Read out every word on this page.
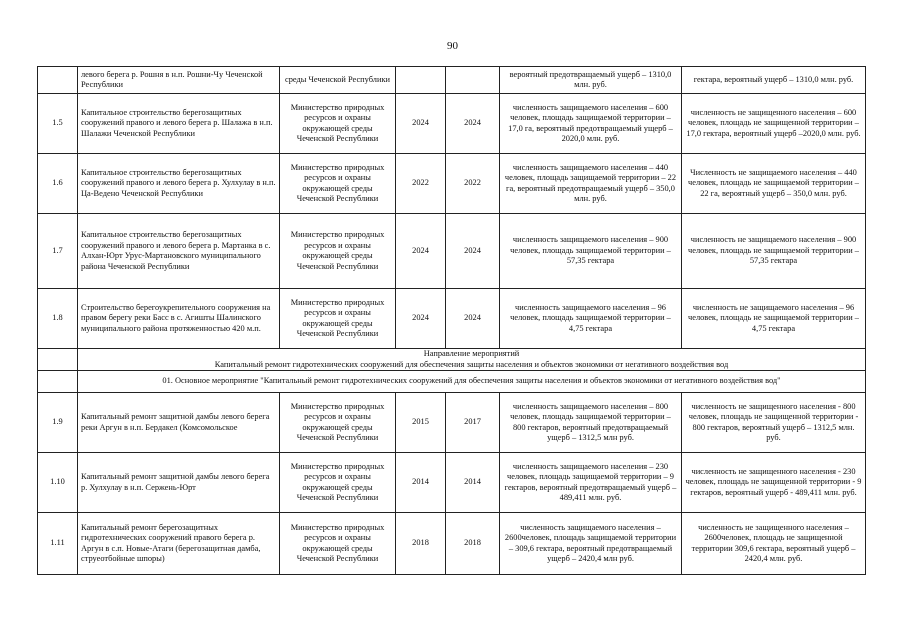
90
	левого берега р. Рошня в н.п. Рошни-Чу Чеченской Республики	среды Чеченской Республики			вероятный предотвращаемый ущерб – 1310,0 млн. руб.	гектара, вероятный ущерб – 1310,0 млн. руб.
1.5	Капитальное строительство берегозащитных сооружений правого и левого берега р. Шалажа в н.п. Шалажи Чеченской Республики	Министерство природных ресурсов и охраны окружающей среды Чеченской Республики	2024	2024	численность защищаемого населения – 600 человек, площадь защищаемой территории – 17,0 га, вероятный предотвращаемый ущерб – 2020,0 млн. руб.	численность не защищенного населения – 600 человек, площадь не защищенной территории – 17,0 гектара, вероятный ущерб –2020,0 млн. руб.
1.6	Капитальное строительство берегозащитных сооружений правого и левого берега р. Хулхулау в н.п. Ца-Ведено Чеченской Республики	Министерство природных ресурсов и охраны окружающей среды Чеченской Республики	2022	2022	численность защищаемого населения – 440 человек, площадь защищаемой территории – 22 га, вероятный предотвращаемый ущерб – 350,0 млн. руб.	Численность не защищаемого населения – 440 человек, площадь не защищаемой территории – 22 га, вероятный ущерб – 350,0 млн. руб.
1.7	Капитальное строительство берегозащитных сооружений правого и левого берега р. Мартанка в с. Алхан-Юрт Урус-Мартановского муниципального района Чеченской Республики	Министерство природных ресурсов и охраны окружающей среды Чеченской Республики	2024	2024	численность защищаемого населения – 900 человек, площадь защищаемой территории – 57,35 гектара	численность не защищаемого населения – 900 человек, площадь не защищаемой территории – 57,35 гектара
1.8	Строительство берегоукрепительного сооружения на правом берегу реки Басс в с. Агишты Шалинского муниципального района протяженностью 420 м.п.	Министерство природных ресурсов и охраны окружающей среды Чеченской Республики	2024	2024	численность защищаемого населения – 96 человек, площадь защищаемой территории – 4,75 гектара	численность не защищаемого населения – 96 человек, площадь не защищаемой территории – 4,75 гектара

	Направление мероприятий
Капитальный ремонт гидротехнических сооружений для обеспечения защиты населения и объектов экономики от негативного воздействия вод					

	01. Основное мероприятие "Капитальный ремонт гидротехнических сооружений для обеспечения защиты населения и объектов экономики от негативного воздействия вод"					
1.9	Капитальный ремонт защитной дамбы левого берега реки Аргун в н.п. Бердакел (Комсомольское	Министерство природных ресурсов и охраны окружающей среды Чеченской Республики	2015	2017	численность защищаемого населения – 800 человек, площадь защищаемой территории – 800 гектаров, вероятный предотвращаемый ущерб – 1312,5 млн руб.	численность не защищенного населения - 800 человек, площадь не защищенной территории - 800 гектаров, вероятный ущерб – 1312,5 млн. руб.
1.10	Капитальный ремонт защитной дамбы левого берега р. Хулхулау в н.п. Сержень-Юрт	Министерство природных ресурсов и охраны окружающей среды Чеченской Республики	2014	2014	численность защищаемого населения – 230 человек, площадь защищаемой территории – 9 гектаров, вероятный предотвращаемый ущерб – 489,411 млн. руб.	численность не защищенного населения - 230 человек, площадь не защищенной территории - 9 гектаров, вероятный ущерб - 489,411 млн. руб.
1.11	Капитальный ремонт берегозащитных гидротехнических сооружений правого берега р. Аргун в с.п. Новые-Атаги (берегозащитная дамба, струеотбойные шпоры)	Министерство природных ресурсов и охраны окружающей среды Чеченской Республики	2018	2018	численность защищаемого населения – 2600человек, площадь защищаемой территории – 309,6 гектара, вероятный предотвращаемый ущерб – 2420,4 млн руб.	численность не защищенного населения –2600человек, площадь не защищенной территории 309,6 гектара, вероятный ущерб – 2420,4 млн. руб.
